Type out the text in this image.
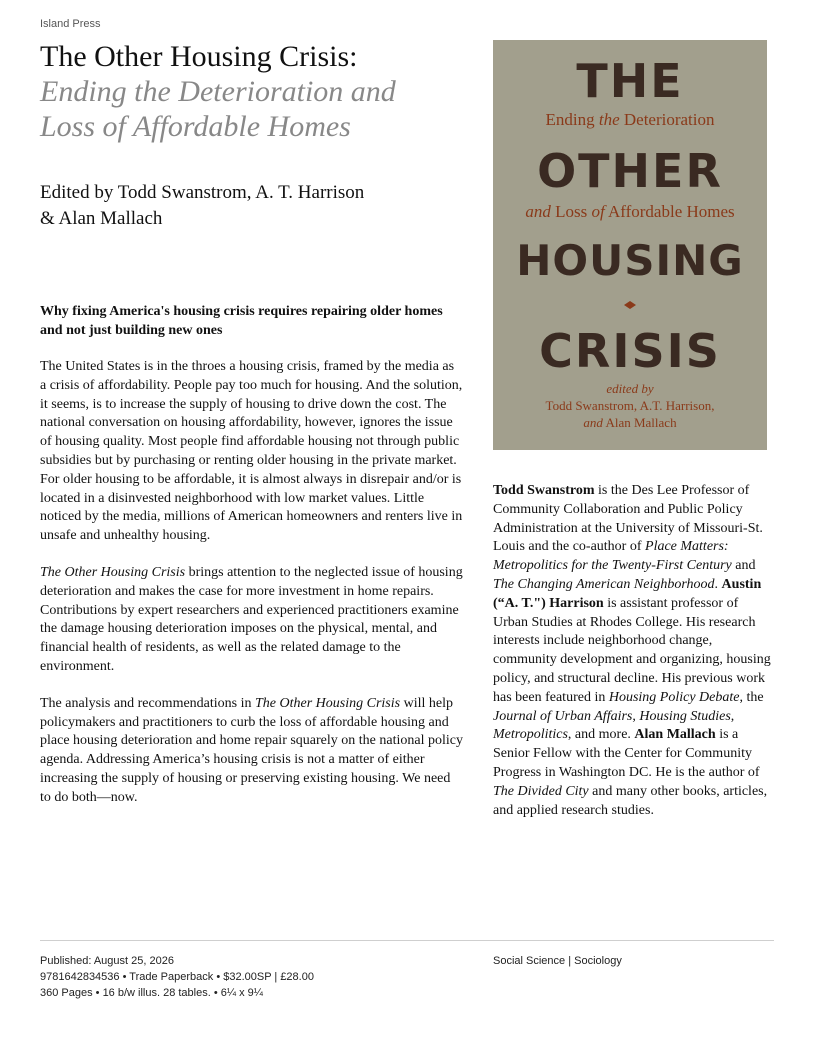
Island Press
The Other Housing Crisis:
Ending the Deterioration and
Loss of Affordable Homes
Edited by Todd Swanstrom, A. T. Harrison
& Alan Mallach
Why fixing America's housing crisis requires repairing older homes and not just building new ones

The United States is in the throes a housing crisis, framed by the media as a crisis of affordability. People pay too much for housing. And the solution, it seems, is to increase the supply of housing to drive down the cost. The national conversation on housing affordability, however, ignores the issue of housing quality. Most people find affordable housing not through public subsidies but by purchasing or renting older housing in the private market. For older housing to be affordable, it is almost always in disrepair and/or is located in a disinvested neighborhood with low market values. Little noticed by the media, millions of American homeowners and renters live in unsafe and unhealthy housing.

The Other Housing Crisis brings attention to the neglected issue of housing deterioration and makes the case for more investment in home repairs. Contributions by expert researchers and experienced practitioners examine the damage housing deterioration imposes on the physical, mental, and financial health of residents, as well as the related damage to the environment.

The analysis and recommendations in The Other Housing Crisis will help policymakers and practitioners to curb the loss of affordable housing and place housing deterioration and home repair squarely on the national policy agenda. Addressing America’s housing crisis is not a matter of either increasing the supply of housing or preserving existing housing. We need to do both—now.

THE
Ending the Deterioration
OTHER
and Loss of Affordable Homes
HOUSING
CRISIS
edited by
Todd Swanstrom, A.T. Harrison,
and Alan Mallach
Todd Swanstrom is the Des Lee Professor of Community Collaboration and Public Policy Administration at the University of Missouri-St. Louis and the co-author of Place Matters: Metropolitics for the Twenty-First Century and The Changing American Neighborhood. Austin (“A. T.") Harrison is assistant professor of Urban Studies at Rhodes College. His research interests include neighborhood change, community development and organizing, housing policy, and structural decline. His previous work has been featured in Housing Policy Debate, the Journal of Urban Affairs, Housing Studies, Metropolitics, and more. Alan Mallach is a Senior Fellow with the Center for Community Progress in Washington DC. He is the author of The Divided City and many other books, articles, and applied research studies.
Published: August 25, 2026
9781642834536 • Trade Paperback • $32.00SP | £28.00
360 Pages • 16 b/w illus. 28 tables. • 6¼ x 9¼
Social Science | Sociology
